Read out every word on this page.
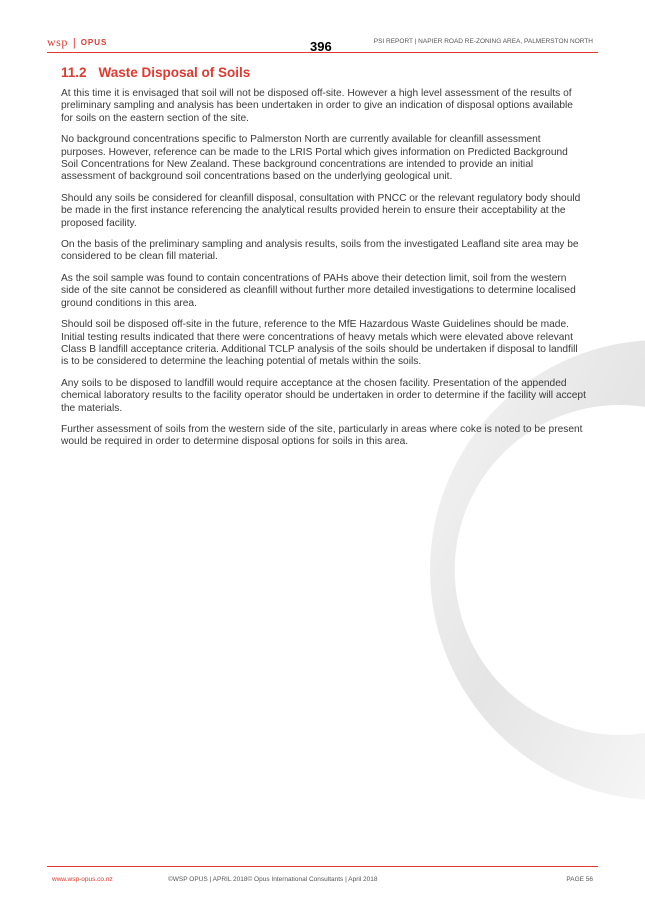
wsp | OPUS	396	PSI REPORT | NAPIER ROAD RE-ZONING AREA, PALMERSTON NORTH
11.2 Waste Disposal of Soils

At this time it is envisaged that soil will not be disposed off-site. However a high level assessment of the results of preliminary sampling and analysis has been undertaken in order to give an indication of disposal options available for soils on the eastern section of the site.

No background concentrations specific to Palmerston North are currently available for cleanfill assessment purposes. However, reference can be made to the LRIS Portal which gives information on Predicted Background Soil Concentrations for New Zealand. These background concentrations are intended to provide an initial assessment of background soil concentrations based on the underlying geological unit.

Should any soils be considered for cleanfill disposal, consultation with PNCC or the relevant regulatory body should be made in the first instance referencing the analytical results provided herein to ensure their acceptability at the proposed facility.

On the basis of the preliminary sampling and analysis results, soils from the investigated Leafland site area may be considered to be clean fill material.

As the soil sample was found to contain concentrations of PAHs above their detection limit, soil from the western side of the site cannot be considered as cleanfill without further more detailed investigations to determine localised ground conditions in this area.

Should soil be disposed off-site in the future, reference to the MfE Hazardous Waste Guidelines should be made. Initial testing results indicated that there were concentrations of heavy metals which were elevated above relevant Class B landfill acceptance criteria. Additional TCLP analysis of the soils should be undertaken if disposal to landfill is to be considered to determine the leaching potential of metals within the soils.

Any soils to be disposed to landfill would require acceptance at the chosen facility. Presentation of the appended chemical laboratory results to the facility operator should be undertaken in order to determine if the facility will accept the materials.

Further assessment of soils from the western side of the site, particularly in areas where coke is noted to be present would be required in order to determine disposal options for soils in this area.

www.wsp-opus.co.nz	©WSP OPUS | APRIL 2018© Opus International Consultants | April 2018	PAGE 56
